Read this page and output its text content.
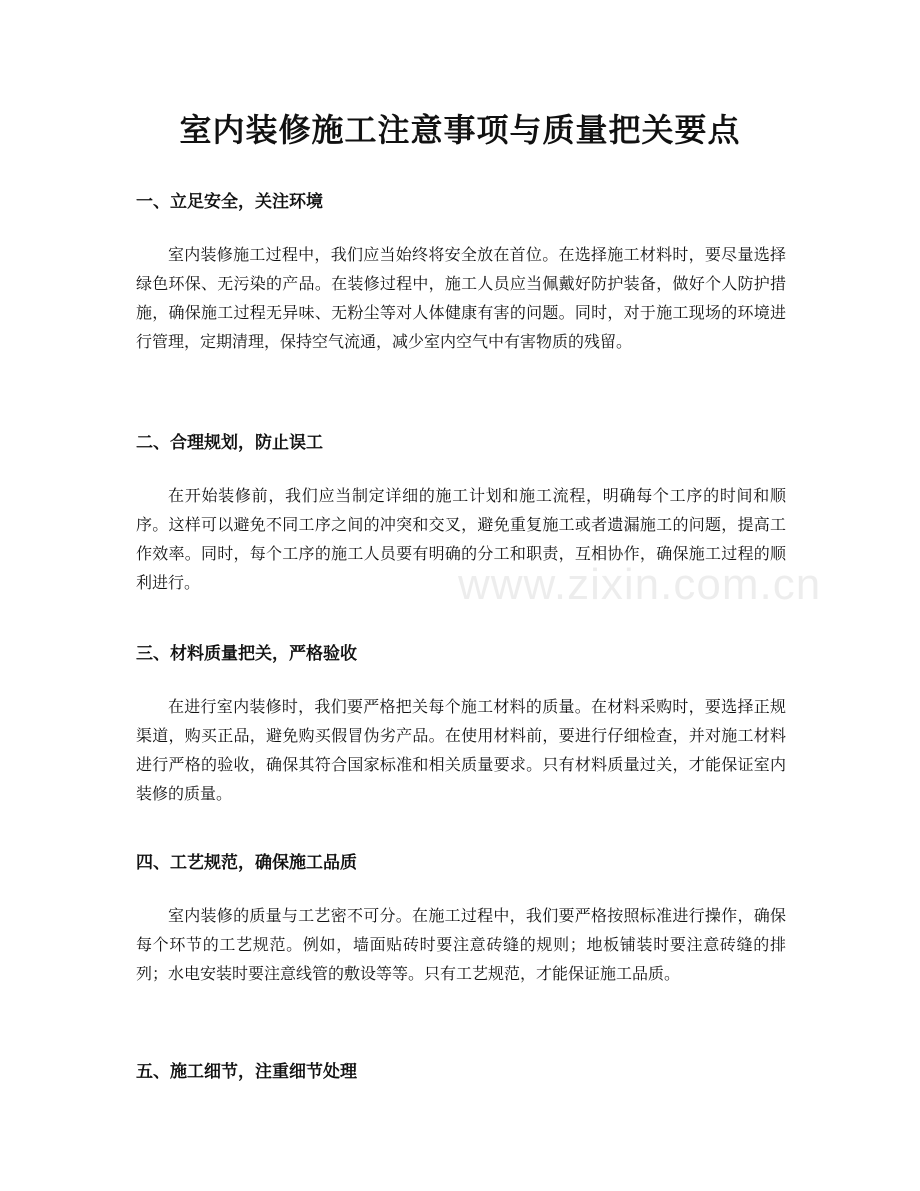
室内装修施工注意事项与质量把关要点
一、立足安全，关注环境

室内装修施工过程中，我们应当始终将安全放在首位。在选择施工材料时，要尽量选择绿色环保、无污染的产品。在装修过程中，施工人员应当佩戴好防护装备，做好个人防护措施，确保施工过程无异味、无粉尘等对人体健康有害的问题。同时，对于施工现场的环境进行管理，定期清理，保持空气流通，减少室内空气中有害物质的残留。

二、合理规划，防止误工

在开始装修前，我们应当制定详细的施工计划和施工流程，明确每个工序的时间和顺序。这样可以避免不同工序之间的冲突和交叉，避免重复施工或者遗漏施工的问题，提高工作效率。同时，每个工序的施工人员要有明确的分工和职责，互相协作，确保施工过程的顺利进行。

三、材料质量把关，严格验收

在进行室内装修时，我们要严格把关每个施工材料的质量。在材料采购时，要选择正规渠道，购买正品，避免购买假冒伪劣产品。在使用材料前，要进行仔细检查，并对施工材料进行严格的验收，确保其符合国家标准和相关质量要求。只有材料质量过关，才能保证室内装修的质量。

四、工艺规范，确保施工品质

室内装修的质量与工艺密不可分。在施工过程中，我们要严格按照标准进行操作，确保每个环节的工艺规范。例如，墙面贴砖时要注意砖缝的规则；地板铺装时要注意砖缝的排列；水电安装时要注意线管的敷设等等。只有工艺规范，才能保证施工品质。

五、施工细节，注重细节处理
www.zixin.com.cn
